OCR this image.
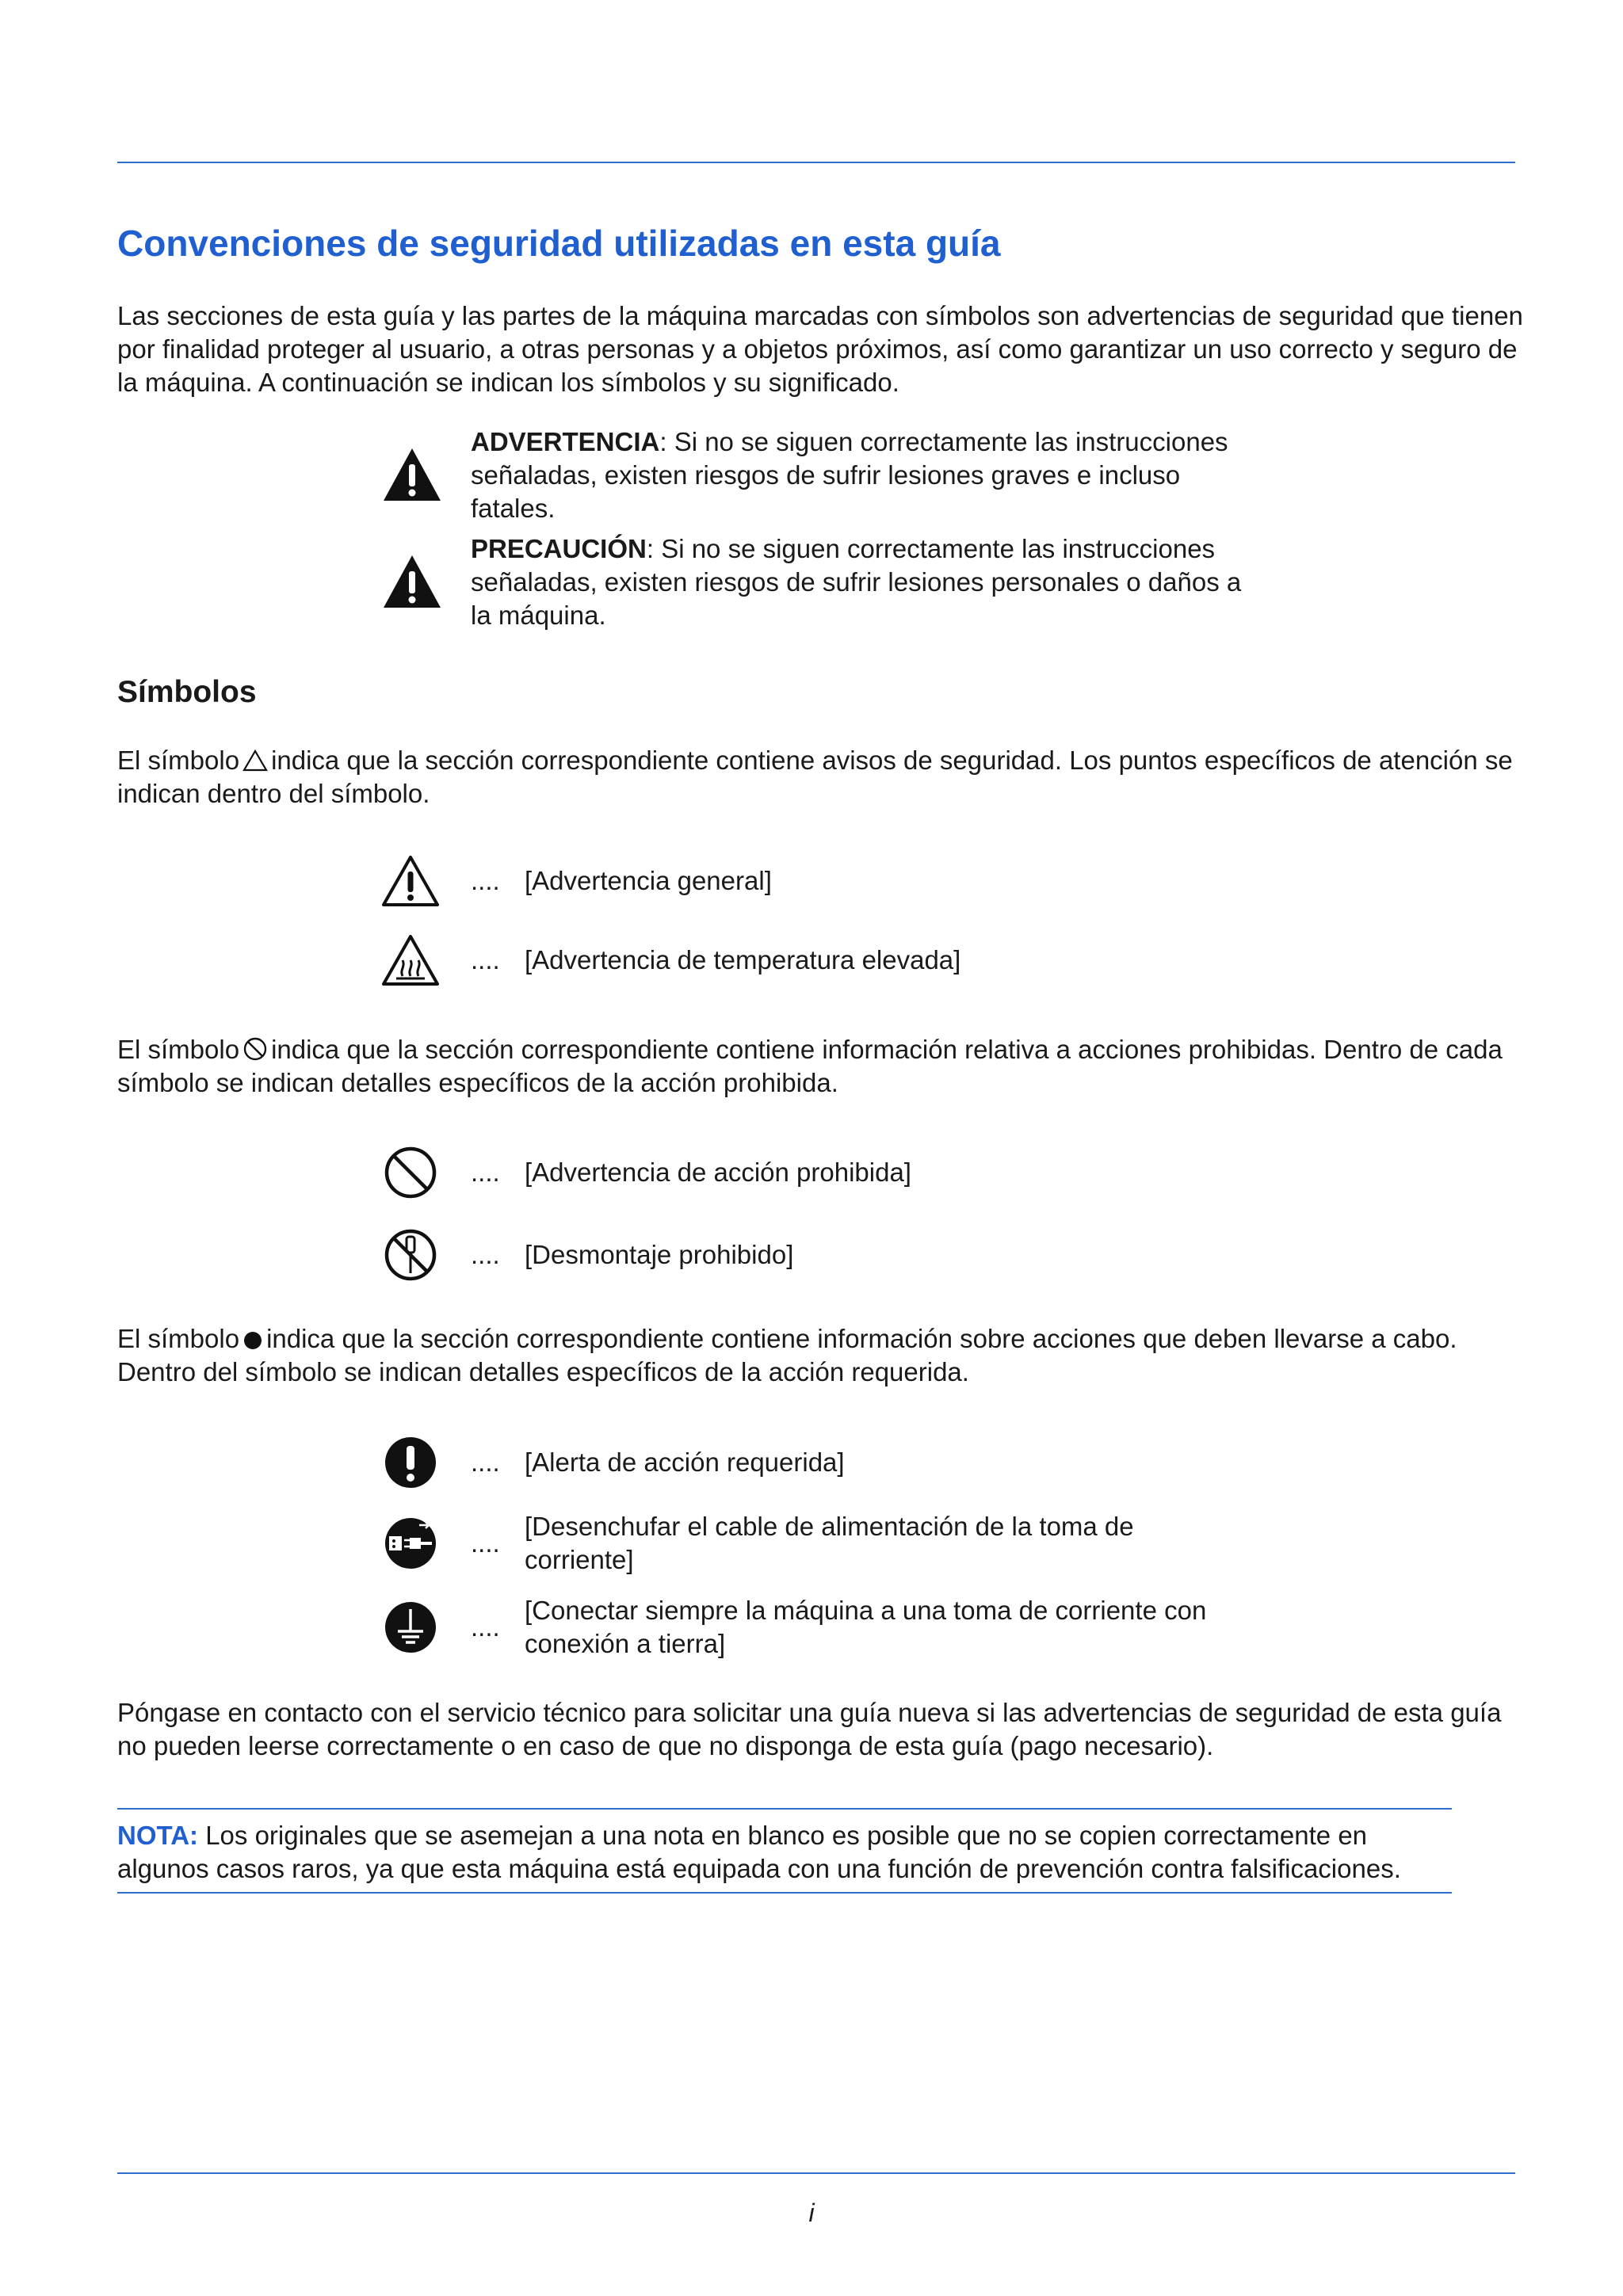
Convenciones de seguridad utilizadas en esta guía

Las secciones de esta guía y las partes de la máquina marcadas con símbolos son advertencias de seguridad que tienen por finalidad proteger al usuario, a otras personas y a objetos próximos, así como garantizar un uso correcto y seguro de la máquina. A continuación se indican los símbolos y su significado.

ADVERTENCIA: Si no se siguen correctamente las instrucciones señaladas, existen riesgos de sufrir lesiones graves e incluso fatales.
PRECAUCIÓN: Si no se siguen correctamente las instrucciones señaladas, existen riesgos de sufrir lesiones personales o daños a la máquina.
Símbolos

El símbolo indica que la sección correspondiente contiene avisos de seguridad. Los puntos específicos de atención se indican dentro del símbolo.

.... [Advertencia general]
.... [Advertencia de temperatura elevada]

El símbolo indica que la sección correspondiente contiene información relativa a acciones prohibidas. Dentro de cada símbolo se indican detalles específicos de la acción prohibida.

.... [Advertencia de acción prohibida]
.... [Desmontaje prohibido]

El símbolo indica que la sección correspondiente contiene información sobre acciones que deben llevarse a cabo. Dentro del símbolo se indican detalles específicos de la acción requerida.

.... [Alerta de acción requerida]
....
[Desenchufar el cable de alimentación de la toma de corriente]
....
[Conectar siempre la máquina a una toma de corriente con conexión a tierra]

Póngase en contacto con el servicio técnico para solicitar una guía nueva si las advertencias de seguridad de esta guía no pueden leerse correctamente o en caso de que no disponga de esta guía (pago necesario).

NOTA: Los originales que se asemejan a una nota en blanco es posible que no se copien correctamente en algunos casos raros, ya que esta máquina está equipada con una función de prevención contra falsificaciones.

i
